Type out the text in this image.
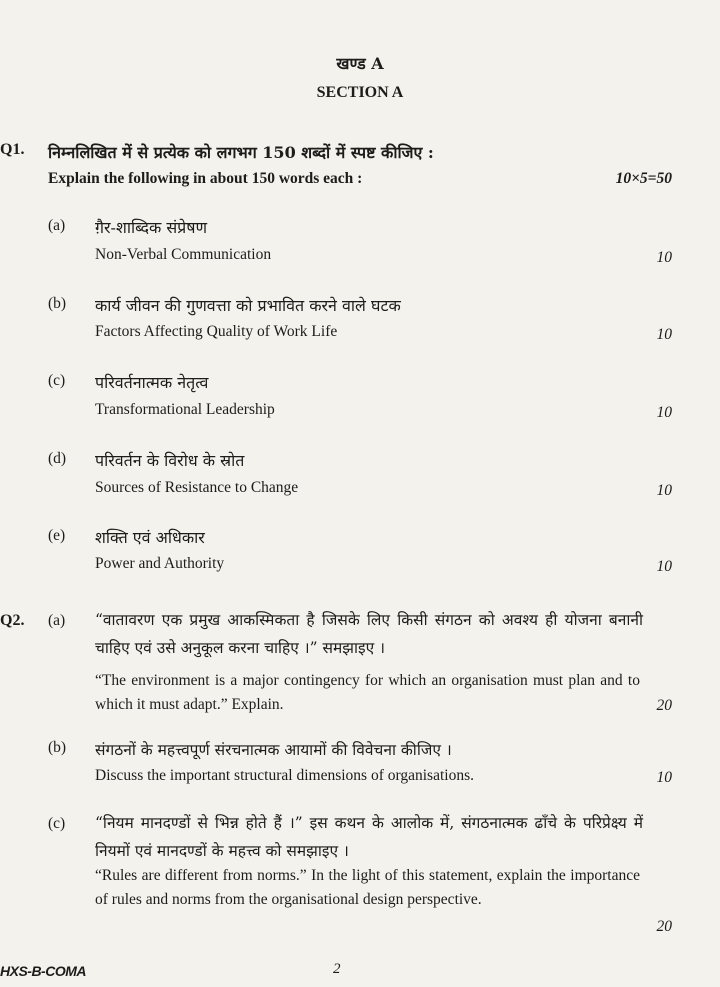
खण्ड A
SECTION A
Q1. निम्नलिखित में से प्रत्येक को लगभग 150 शब्दों में स्पष्ट कीजिए :
Explain the following in about 150 words each :	10×5=50
(a) ग़ैर-शाब्दिक संप्रेषण
Non-Verbal Communication	10
(b) कार्य जीवन की गुणवत्ता को प्रभावित करने वाले घटक
Factors Affecting Quality of Work Life	10
(c) परिवर्तनात्मक नेतृत्व
Transformational Leadership	10
(d) परिवर्तन के विरोध के स्रोत
Sources of Resistance to Change	10
(e) शक्ति एवं अधिकार
Power and Authority	10
Q2. (a) “वातावरण एक प्रमुख आकस्मिकता है जिसके लिए किसी संगठन को अवश्य ही योजना बनानी चाहिए एवं उसे अनुकूल करना चाहिए ।” समझाइए ।
“The environment is a major contingency for which an organisation must plan and to which it must adapt.” Explain.	20
(b) संगठनों के महत्त्वपूर्ण संरचनात्मक आयामों की विवेचना कीजिए ।
Discuss the important structural dimensions of organisations.	10
(c) “नियम मानदण्डों से भिन्न होते हैं ।” इस कथन के आलोक में, संगठनात्मक ढाँचे के परिप्रेक्ष्य में नियमों एवं मानदण्डों के महत्त्व को समझाइए ।
“Rules are different from norms.” In the light of this statement, explain the importance of rules and norms from the organisational design perspective.
20
HXS-B-COMA	2
